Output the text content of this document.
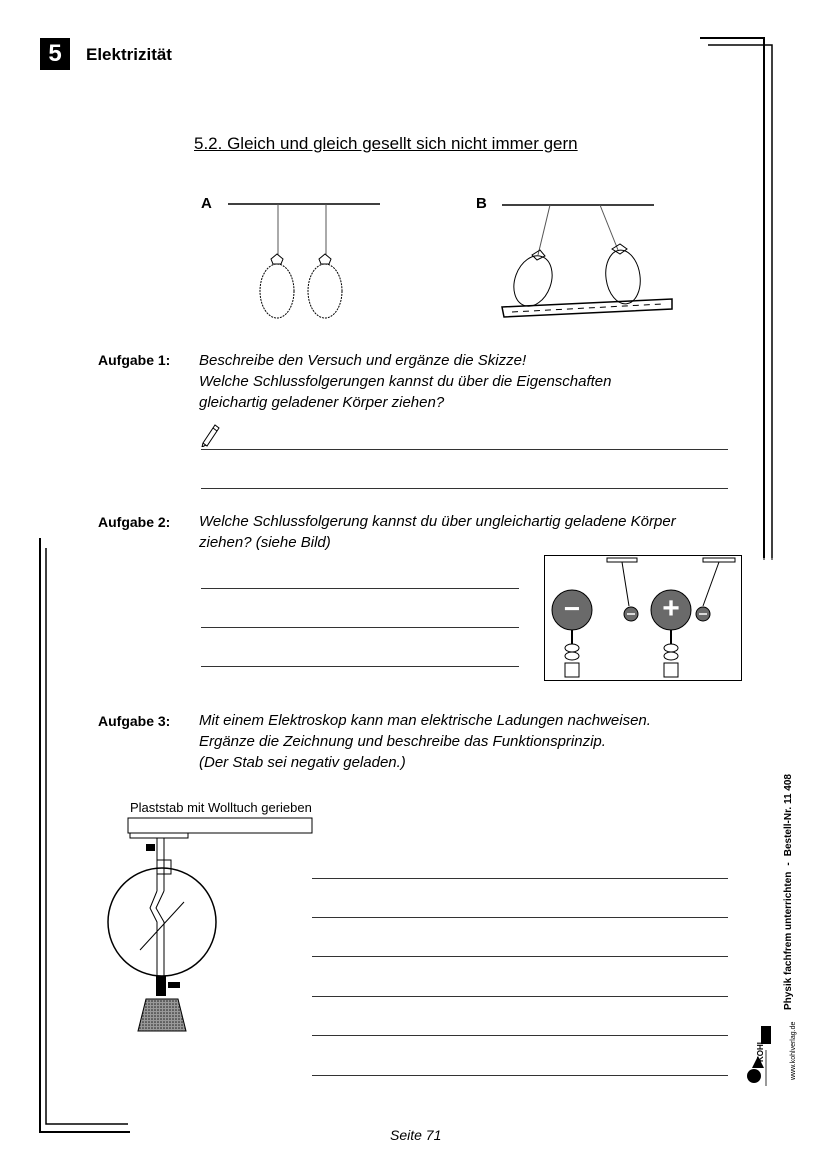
5	Elektrizität
5.2. Gleich und gleich gesellt sich nicht immer gern
A	B
Aufgabe 1: Beschreibe den Versuch und ergänze die Skizze!
Welche Schlussfolgerungen kannst du über die Eigenschaften
gleichartig geladener Körper ziehen?
Aufgabe 2: Welche Schlussfolgerung kannst du über ungleichartig geladene Körper
ziehen? (siehe Bild)
−	+
Aufgabe 3: Mit einem Elektroskop kann man elektrische Ladungen nachweisen.
Ergänze die Zeichnung und beschreibe das Funktionsprinzip.
(Der Stab sei negativ geladen.)
Plaststab mit Wolltuch gerieben
Physik fachfrem unterrichten-Bestell-Nr. 11 408
KOHL	www.kohlverlag.de
Seite 71
